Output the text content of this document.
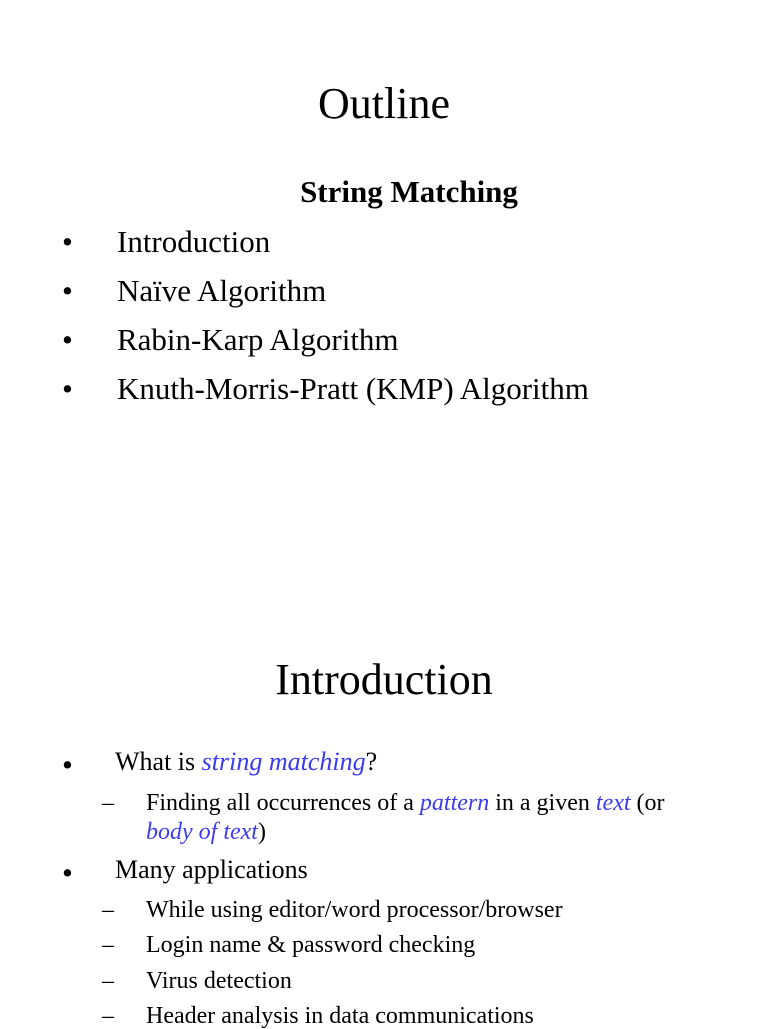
Outline
String Matching
• Introduction
• Naïve Algorithm
• Rabin-Karp Algorithm
• Knuth-Morris-Pratt (KMP) Algorithm
Introduction
• What is string matching?
– Finding all occurrences of a pattern in a given text (or
body of text)
• Many applications
– While using editor/word processor/browser
– Login name & password checking
– Virus detection
– Header analysis in data communications
